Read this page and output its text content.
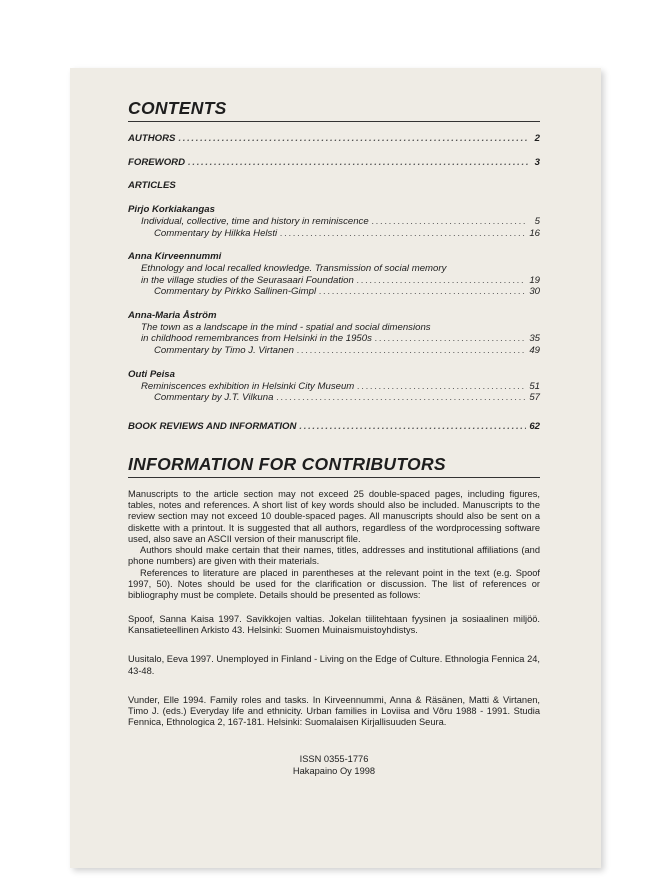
CONTENTS
AUTHORS . . .	2
FOREWORD . . .	3
ARTICLES
Pirjo Korkiakangas
Individual, collective, time and history in reminiscence . . .	5
Commentary by Hilkka Helsti . . .	16
Anna Kirveennummi
Ethnology and local recalled knowledge. Transmission of social memory
in the village studies of the Seurasaari Foundation . . .	19
Commentary by Pirkko Sallinen-Gimpl . . .	30
Anna-Maria Åström
The town as a landscape in the mind - spatial and social dimensions
in childhood remembrances from Helsinki in the 1950s . . .	35
Commentary by Timo J. Virtanen . . .	49
Outi Peisa
Reminiscences exhibition in Helsinki City Museum . . .	51
Commentary by J.T. Vilkuna . . .	57
BOOK REVIEWS AND INFORMATION . . .	62
INFORMATION FOR CONTRIBUTORS

Manuscripts to the article section may not exceed 25 double-spaced pages, including figures, tables, notes and references. A short list of key words should also be included. Manuscripts to the review section may not exceed 10 double-spaced pages. All manuscripts should also be sent on a diskette with a printout. It is suggested that all authors, regardless of the wordprocessing software used, also save an ASCII version of their manuscript file.

Authors should make certain that their names, titles, addresses and institutional affiliations (and phone numbers) are given with their materials.

References to literature are placed in parentheses at the relevant point in the text (e.g. Spoof 1997, 50). Notes should be used for the clarification or discussion. The list of references or bibliography must be complete. Details should be presented as follows:

Spoof, Sanna Kaisa 1997. Savikkojen valtias. Jokelan tiilitehtaan fyysinen ja sosiaalinen miljöö. Kansatieteellinen Arkisto 43. Helsinki: Suomen Muinaismuistoyhdistys.

Uusitalo, Eeva 1997. Unemployed in Finland - Living on the Edge of Culture. Ethnologia Fennica 24, 43-48.

Vunder, Elle 1994. Family roles and tasks. In Kirveennummi, Anna & Räsänen, Matti & Virtanen, Timo J. (eds.) Everyday life and ethnicity. Urban families in Loviisa and Võru 1988 - 1991. Studia Fennica, Ethnologica 2, 167-181. Helsinki: Suomalaisen Kirjallisuuden Seura.

ISSN 0355-1776
Hakapaino Oy 1998
